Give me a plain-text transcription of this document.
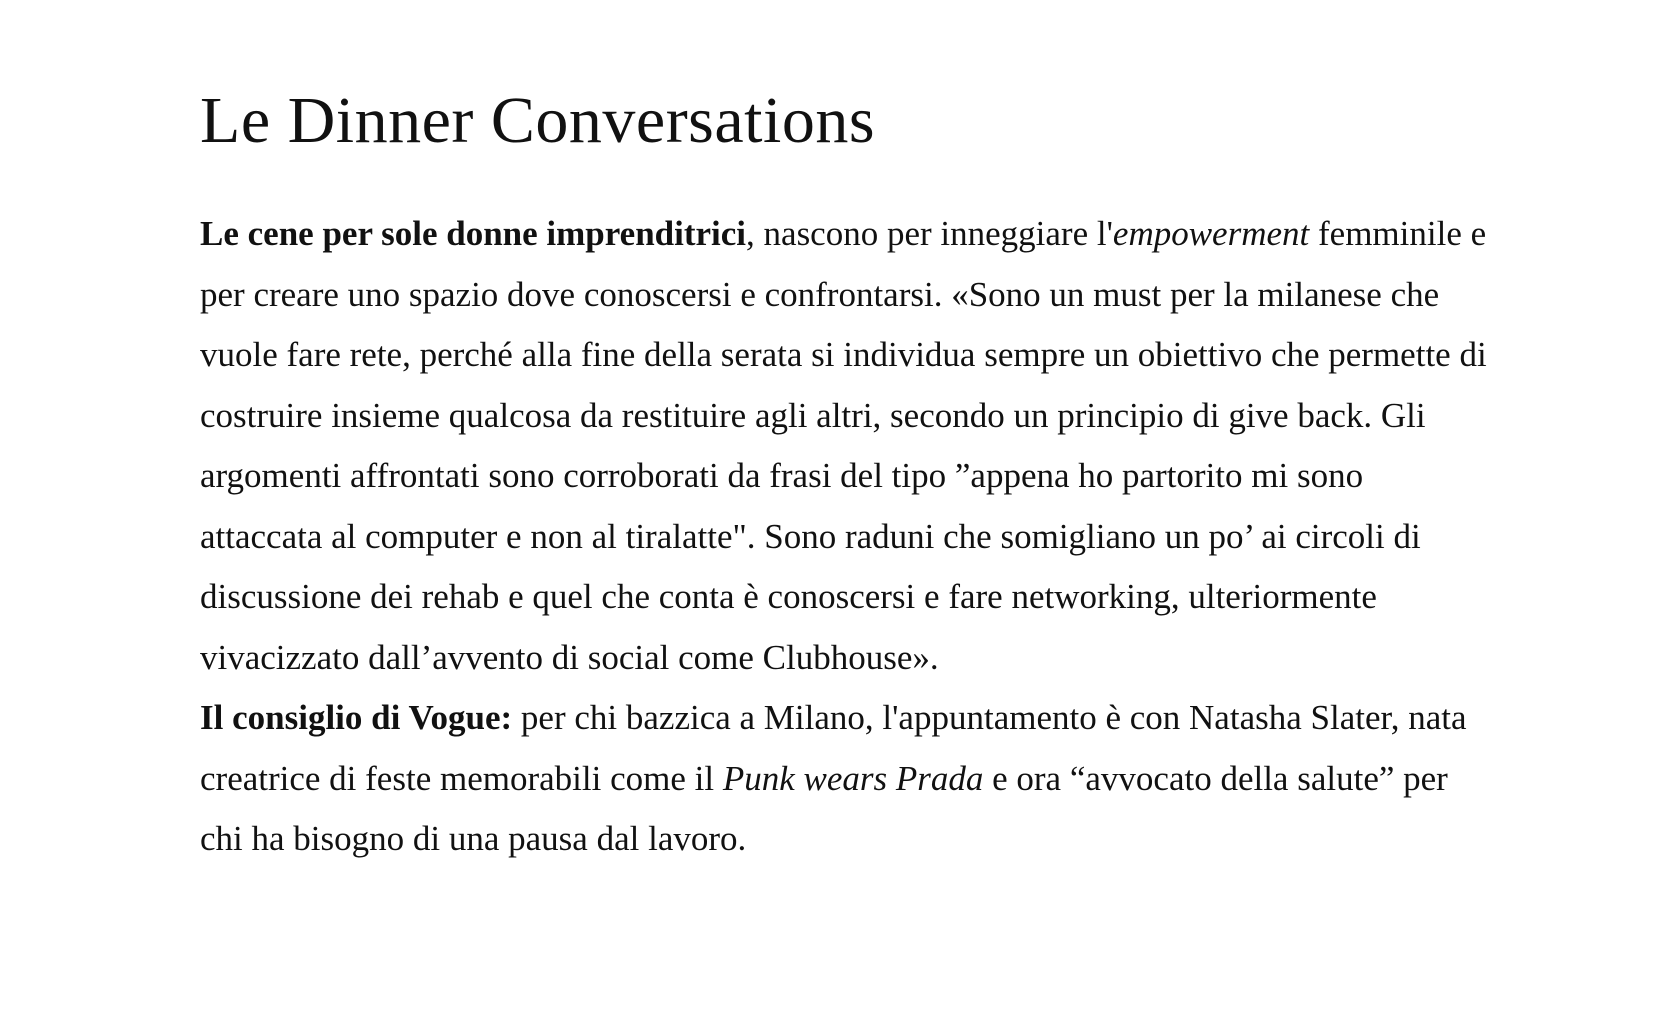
Le Dinner Conversations

Le cene per sole donne imprenditrici, nascono per inneggiare l'empowerment femminile e per creare uno spazio dove conoscersi e confrontarsi. «Sono un must per la milanese che vuole fare rete, perché alla fine della serata si individua sempre un obiettivo che permette di costruire insieme qualcosa da restituire agli altri, secondo un principio di give back. Gli argomenti affrontati sono corroborati da frasi del tipo ”appena ho partorito mi sono attaccata al computer e non al tiralatte". Sono raduni che somigliano un po’ ai circoli di discussione dei rehab e quel che conta è conoscersi e fare networking, ulteriormente vivacizzato dall’avvento di social come Clubhouse».

Il consiglio di Vogue: per chi bazzica a Milano, l'appuntamento è con Natasha Slater, nata creatrice di feste memorabili come il Punk wears Prada e ora “avvocato della salute” per chi ha bisogno di una pausa dal lavoro.
